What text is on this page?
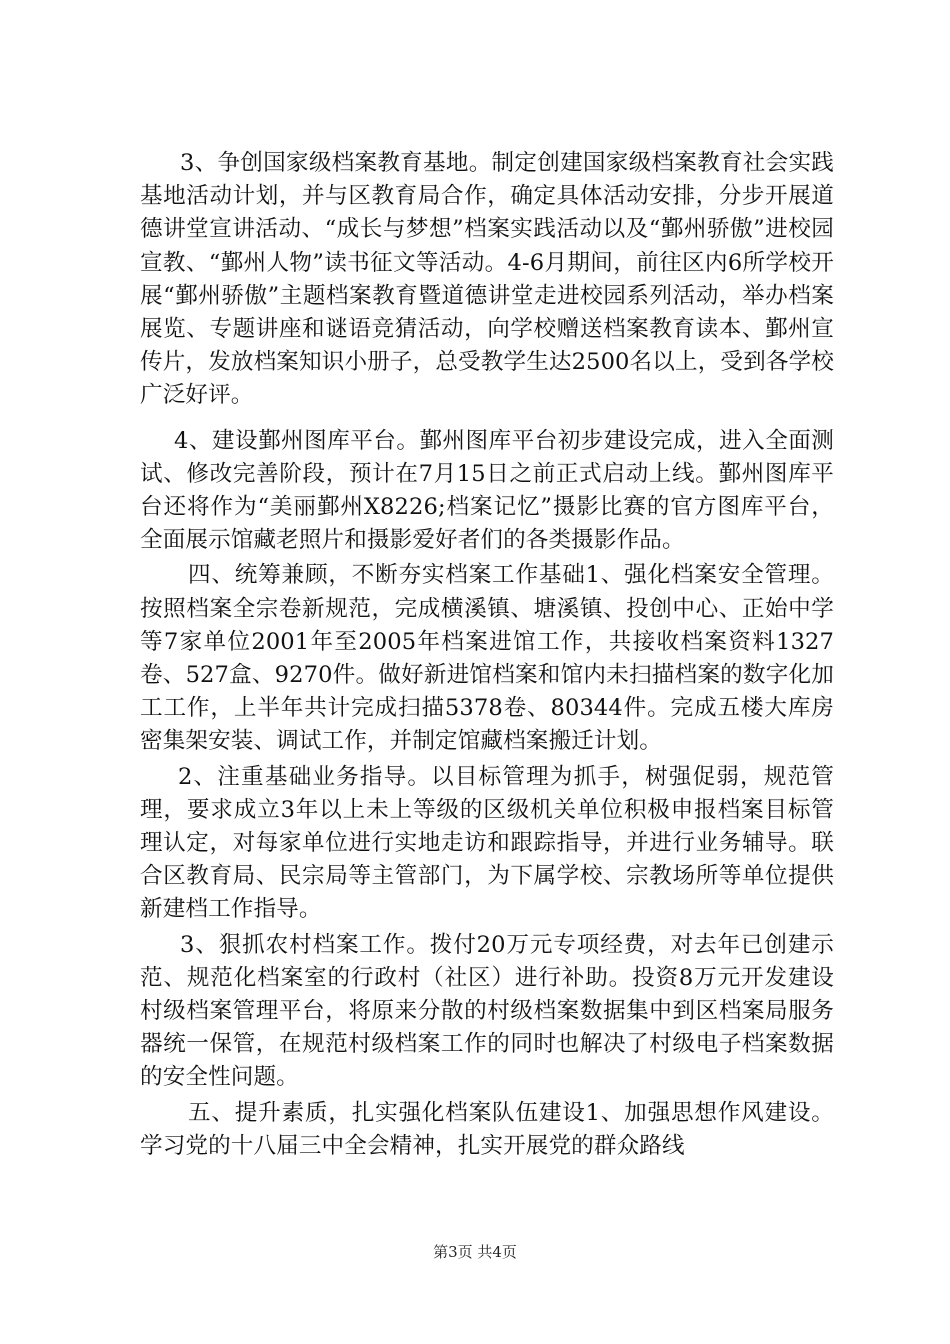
3、争创国家级档案教育基地。制定创建国家级档案教育社会实践基地活动计划，并与区教育局合作，确定具体活动安排，分步开展道德讲堂宣讲活动、“成长与梦想”档案实践活动以及“鄞州骄傲”进校园宣教、“鄞州人物”读书征文等活动。4-6月期间，前往区内6所学校开展“鄞州骄傲”主题档案教育暨道德讲堂走进校园系列活动，举办档案展览、专题讲座和谜语竞猜活动，向学校赠送档案教育读本、鄞州宣传片，发放档案知识小册子，总受教学生达2500名以上，受到各学校广泛好评。

4、建设鄞州图库平台。鄞州图库平台初步建设完成，进入全面测试、修改完善阶段，预计在7月15日之前正式启动上线。鄞州图库平台还将作为“美丽鄞州X8226;档案记忆”摄影比赛的官方图库平台，全面展示馆藏老照片和摄影爱好者们的各类摄影作品。

四、统筹兼顾，不断夯实档案工作基础1、强化档案安全管理。按照档案全宗卷新规范，完成横溪镇、塘溪镇、投创中心、正始中学等7家单位2001年至2005年档案进馆工作，共接收档案资料1327卷、527盒、9270件。做好新进馆档案和馆内未扫描档案的数字化加工工作，上半年共计完成扫描5378卷、80344件。完成五楼大库房密集架安装、调试工作，并制定馆藏档案搬迁计划。

2、注重基础业务指导。以目标管理为抓手，树强促弱，规范管理，要求成立3年以上未上等级的区级机关单位积极申报档案目标管理认定，对每家单位进行实地走访和跟踪指导，并进行业务辅导。联合区教育局、民宗局等主管部门，为下属学校、宗教场所等单位提供新建档工作指导。

3、狠抓农村档案工作。拨付20万元专项经费，对去年已创建示范、规范化档案室的行政村（社区）进行补助。投资8万元开发建设村级档案管理平台，将原来分散的村级档案数据集中到区档案局服务器统一保管，在规范村级档案工作的同时也解决了村级电子档案数据的安全性问题。

五、提升素质，扎实强化档案队伍建设1、加强思想作风建设。学习党的十八届三中全会精神，扎实开展党的群众路线

第3页 共4页
